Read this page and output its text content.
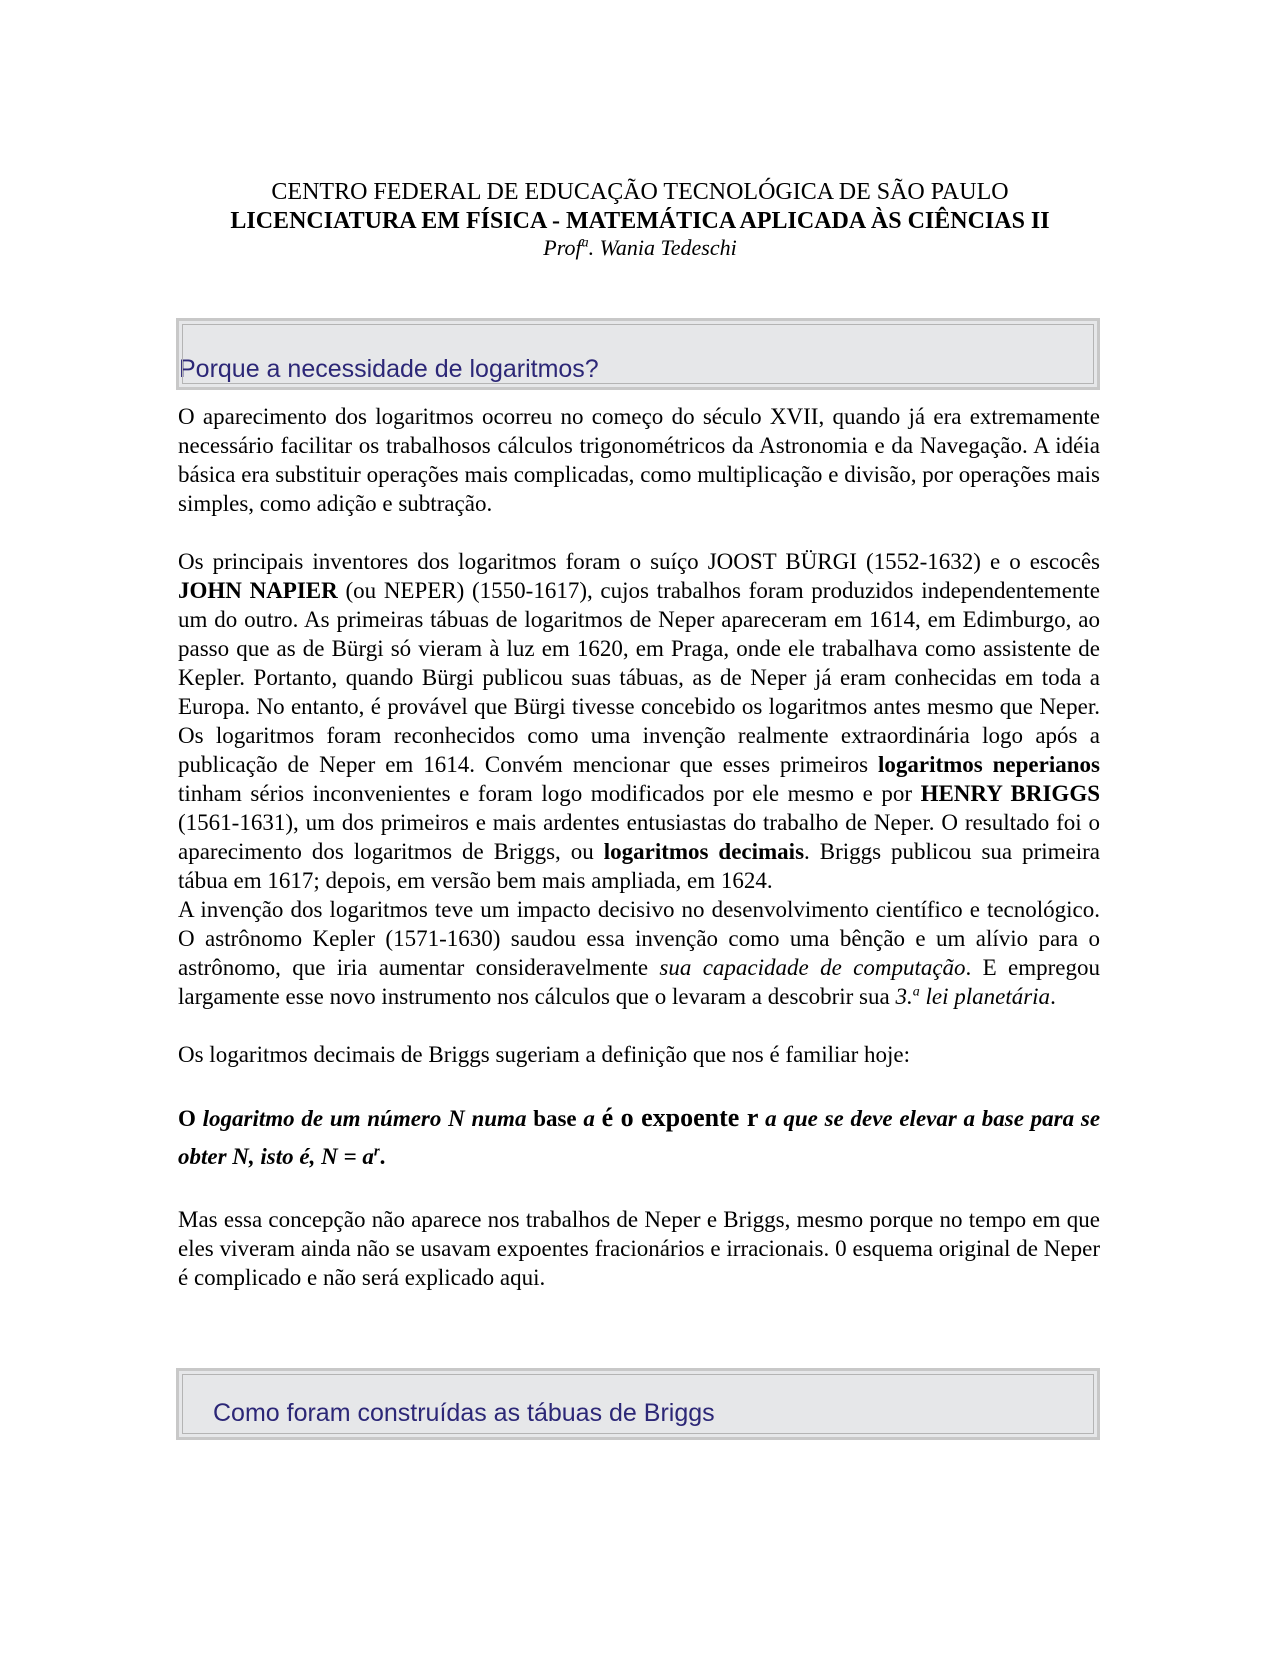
CENTRO FEDERAL DE EDUCAÇÃO TECNOLÓGICA DE SÃO PAULO
LICENCIATURA EM FÍSICA - MATEMÁTICA APLICADA ÀS CIÊNCIAS II
Prof$^a$. Wania Tedeschi
Porque a necessidade de logaritmos?

O aparecimento dos logaritmos ocorreu no começo do século XVII, quando já era extremamente necessário facilitar os trabalhosos cálculos trigonométricos da Astronomia e da Navegação. A idéia básica era substituir operações mais complicadas, como multiplicação e divisão, por operações mais simples, como adição e subtração.

Os principais inventores dos logaritmos foram o suíço JOOST BÜRGI (1552-1632) e o escocês JOHN NAPIER (ou NEPER) (1550-1617), cujos trabalhos foram produzidos independentemente um do outro. As primeiras tábuas de logaritmos de Neper apareceram em 1614, em Edimburgo, ao passo que as de Bürgi só vieram à luz em 1620, em Praga, onde ele trabalhava como assistente de Kepler. Portanto, quando Bürgi publicou suas tábuas, as de Neper já eram conhecidas em toda a Europa. No entanto, é provável que Bürgi tivesse concebido os logaritmos antes mesmo que Neper. Os logaritmos foram reconhecidos como uma invenção realmente extraordinária logo após a publicação de Neper em 1614. Convém mencionar que esses primeiros logaritmos neperianos tinham sérios inconvenientes e foram logo modificados por ele mesmo e por HENRY BRIGGS (1561-1631), um dos primeiros e mais ardentes entusiastas do trabalho de Neper. O resultado foi o aparecimento dos logaritmos de Briggs, ou logaritmos decimais. Briggs publicou sua primeira tábua em 1617; depois, em versão bem mais ampliada, em 1624.

A invenção dos logaritmos teve um impacto decisivo no desenvolvimento científico e tecnológico. O astrônomo Kepler (1571-1630) saudou essa invenção como uma bênção e um alívio para o astrônomo, que iria aumentar consideravelmente sua capacidade de computação. E empregou largamente esse novo instrumento nos cálculos que o levaram a descobrir sua 3.$^a$ lei planetária.

Os logaritmos decimais de Briggs sugeriam a definição que nos é familiar hoje:

O logaritmo de um número N numa base a é o expoente r a que se deve elevar a base para se obter N, isto é, $N = a^r$.

Mas essa concepção não aparece nos trabalhos de Neper e Briggs, mesmo porque no tempo em que eles viveram ainda não se usavam expoentes fracionários e irracionais. 0 esquema original de Neper é complicado e não será explicado aqui.

Como foram construídas as tábuas de Briggs
